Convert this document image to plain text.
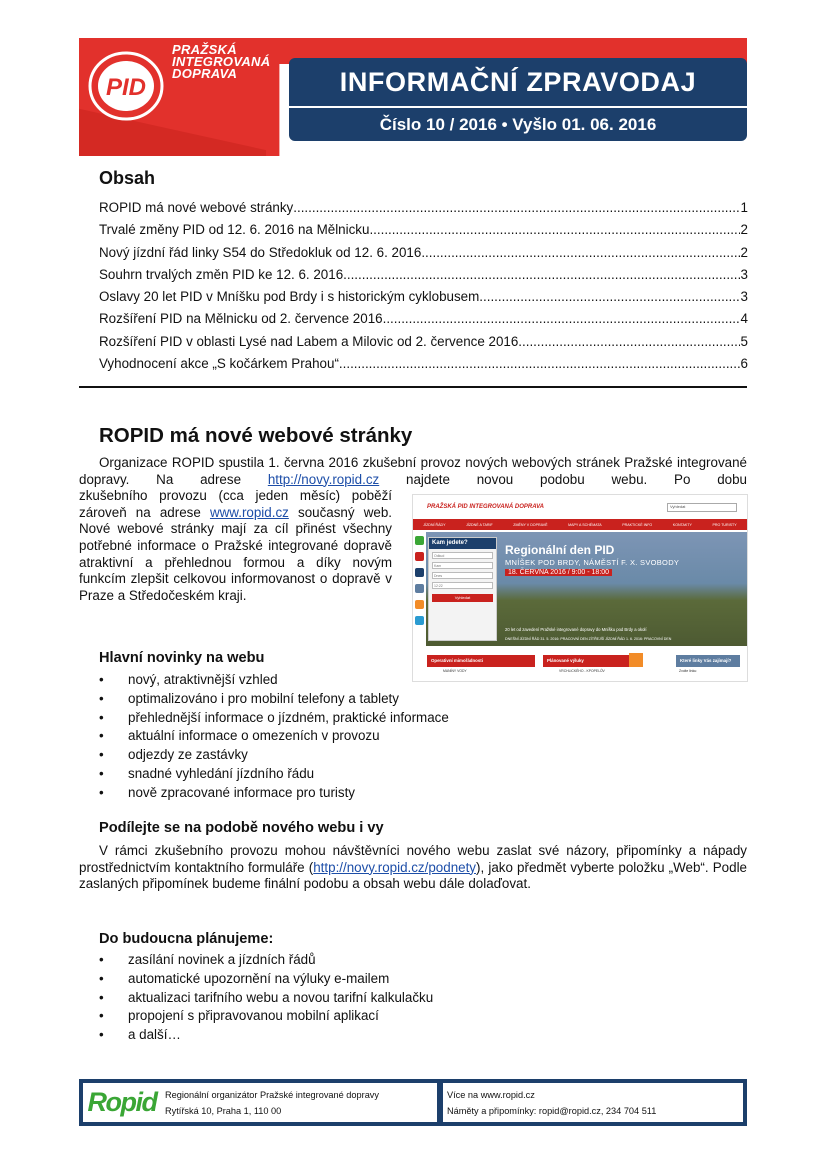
PID
PRAŽSKÁ
INTEGROVANÁ
DOPRAVA	INFORMAČNÍ ZPRAVODAJ
Číslo 10 / 2016 • Vyšlo 01. 06. 2016
Obsah
ROPID má nové webové stránky .....	1
Trvalé změny PID od 12. 6. 2016 na Mělnicku .....	2
Nový jízdní řád linky S54 do Středokluk od 12. 6. 2016 .....	2
Souhrn trvalých změn PID ke 12. 6. 2016 .....	3
Oslavy 20 let PID v Mníšku pod Brdy i s historickým cyklobusem .....	3
Rozšíření PID na Mělnicku od 2. července 2016 .....	4
Rozšíření PID v oblasti Lysé nad Labem a Milovic od 2. července 2016 .....	5
Vyhodnocení akce „S kočárkem Prahou“ .....	6
ROPID má nové webové stránky
Organizace ROPID spustila 1. června 2016 zkušební provoz nových webových stránek Pražské integrované dopravy. Na adrese http://novy.ropid.cz najdete novou podobu webu. Po dobu
zkušebního provozu (cca jeden měsíc) poběží zároveň na adrese www.ropid.cz současný web. Nové webové stránky mají za cíl přinést všechny potřebné informace o Pražské integrované dopravě atraktivní a přehlednou formou a díky novým funkcím zlepšit celkovou informovanost o dopravě v Praze a Středočeském kraji.
PRAŽSKÁ PID INTEGROVANÁ DOPRAVA	Vyhledat
JÍZDNÍ ŘÁDY	JÍZDNÉ A TARIF	ZMĚNY V DOPRAVĚ	MAPY A SCHÉMATA	PRAKTICKÉ INFO	KONTAKTY	PRO TURISTY
Kam jedete?
Odkud
Kam
Dnes
12:22
Vyhledat
Regionální den PID
MNÍŠEK POD BRDY, NÁMĚSTÍ F. X. SVOBODY
18. ČERVNA 2016 / 9:00 - 18:00
20 let od zavedení Pražské integrované dopravy do Mníšku pod Brdy a okolí
DNEŠNÍ JÍZDNÍ ŘÁD 31. 5. 2016: PRACOVNÍ DEN ZÍTŘEJŠÍ JÍZDNÍ ŘÁD 1. 6. 2016: PRACOVNÍ DEN
Operativní mimořádnosti	Plánované výluky	Které linky Vás zajímají?
MANÍNY VODY	VRCHLICKÉHO - KPOPELŮV	Zvolte linku:
Hlavní novinky na webu
• nový, atraktivnější vzhled
• optimalizováno i pro mobilní telefony a tablety
• přehlednější informace o jízdném, praktické informace
• aktuální informace o omezeních v provozu
• odjezdy ze zastávky
• snadné vyhledání jízdního řádu
• nově zpracované informace pro turisty
Podílejte se na podobě nového webu i vy
V rámci zkušebního provozu mohou návštěvníci nového webu zaslat své názory, připomínky a nápady prostřednictvím kontaktního formuláře (http://novy.ropid.cz/podnety), jako předmět vyberte položku „Web“. Podle zaslaných připomínek budeme finální podobu a obsah webu dále dolaďovat.
Do budoucna plánujeme:
• zasílání novinek a jízdních řádů
• automatické upozornění na výluky e-mailem
• aktualizaci tarifního webu a novou tarifní kalkulačku
• propojení s připravovanou mobilní aplikací
• a další…
Ropid Regionální organizátor Pražské integrované dopravy
Rytířská 10, Praha 1, 110 00
Více na www.ropid.cz
Náměty a připomínky: ropid@ropid.cz, 234 704 511
